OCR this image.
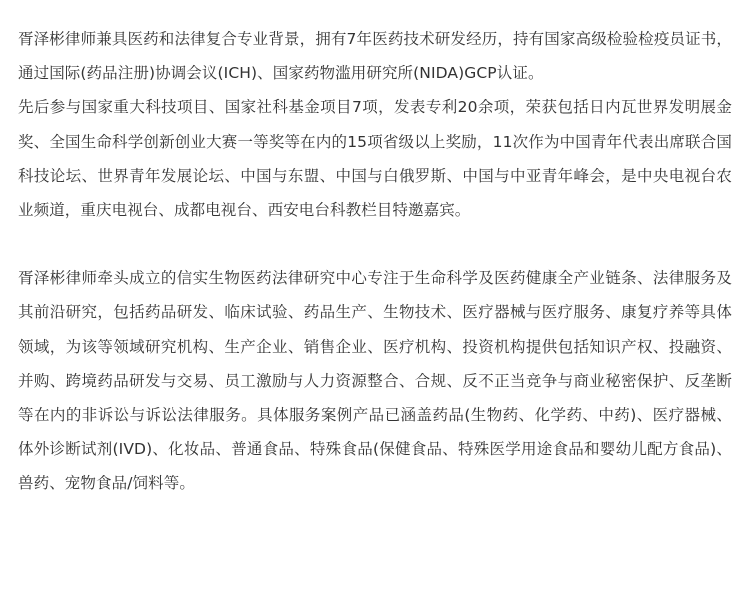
胥泽彬律师兼具医药和法律复合专业背景，拥有7年医药技术研发经历，持有国家高级检验检疫员证书，通过国际(药品注册)协调会议(ICH)、国家药物滥用研究所(NIDA)GCP认证。

先后参与国家重大科技项目、国家社科基金项目7项，发表专利20余项，荣获包括日内瓦世界发明展金奖、全国生命科学创新创业大赛一等奖等在内的15项省级以上奖励，11次作为中国青年代表出席联合国科技论坛、世界青年发展论坛、中国与东盟、中国与白俄罗斯、中国与中亚青年峰会，是中央电视台农业频道，重庆电视台、成都电视台、西安电台科教栏目特邀嘉宾。

胥泽彬律师牵头成立的信实生物医药法律研究中心专注于生命科学及医药健康全产业链条、法律服务及其前沿研究，包括药品研发、临床试验、药品生产、生物技术、医疗器械与医疗服务、康复疗养等具体领域，为该等领域研究机构、生产企业、销售企业、医疗机构、投资机构提供包括知识产权、投融资、并购、跨境药品研发与交易、员工激励与人力资源整合、合规、反不正当竞争与商业秘密保护、反垄断等在内的非诉讼与诉讼法律服务。具体服务案例产品已涵盖药品(生物药、化学药、中药)、医疗器械、体外诊断试剂(IVD)、化妆品、普通食品、特殊食品(保健食品、特殊医学用途食品和婴幼儿配方食品)、兽药、宠物食品/饲料等。
